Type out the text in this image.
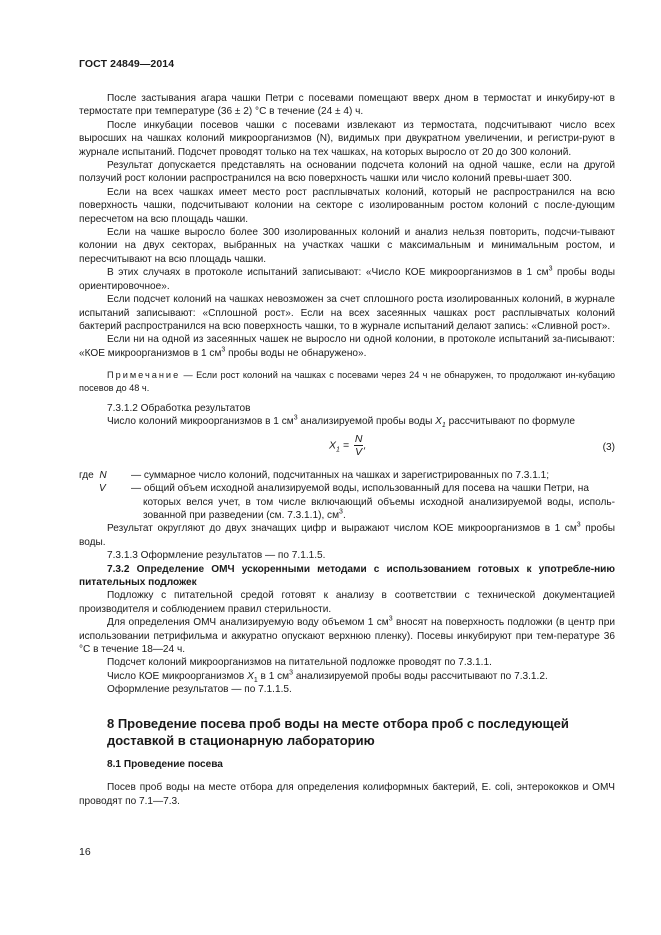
ГОСТ 24849—2014

После застывания агара чашки Петри с посевами помещают вверх дном в термостат и инкубиру-ют в термостате при температуре (36 ± 2) °C в течение (24 ± 4) ч.

После инкубации посевов чашки с посевами извлекают из термостата, подсчитывают число всех выросших на чашках колоний микроорганизмов (N), видимых при двукратном увеличении, и регистри-руют в журнале испытаний. Подсчет проводят только на тех чашках, на которых выросло от 20 до 300 колоний.

Результат допускается представлять на основании подсчета колоний на одной чашке, если на другой ползучий рост колонии распространился на всю поверхность чашки или число колоний превы-шает 300.

Если на всех чашках имеет место рост расплывчатых колоний, который не распространился на всю поверхность чашки, подсчитывают колонии на секторе с изолированным ростом колоний с после-дующим пересчетом на всю площадь чашки.

Если на чашке выросло более 300 изолированных колоний и анализ нельзя повторить, подсчи-тывают колонии на двух секторах, выбранных на участках чашки с максимальным и минимальным ростом, и пересчитывают на всю площадь чашки.

В этих случаях в протоколе испытаний записывают: «Число КОЕ микроорганизмов в 1 $см^3$ пробы воды ориентировочное».

Если подсчет колоний на чашках невозможен за счет сплошного роста изолированных колоний, в журнале испытаний записывают: «Сплошной рост». Если на всех засеянных чашках рост расплывчатых колоний бактерий распространился на всю поверхность чашки, то в журнале испытаний делают запись: «Сливной рост».

Если ни на одной из засеянных чашек не выросло ни одной колонии, в протоколе испытаний за-писывают: «КОЕ микроорганизмов в 1 $см^3$ пробы воды не обнаружено».

Примечание — Если рост колоний на чашках с посевами через 24 ч не обнаружен, то продолжают ин-кубацию посевов до 48 ч.

7.3.1.2 Обработка результатов

Число колоний микроорганизмов в 1 $см^3$ анализируемой пробы воды $X_1$ рассчитывают по формуле

$X_1 = \frac{N}{V}$ ,	(3)
где N	— суммарное число колоний, подсчитанных на чашках и зарегистрированных по 7.3.1.1;
V	— общий объем исходной анализируемой воды, использованный для посева на чашки Петри, на
которых велся учет, в том числе включающий объемы исходной анализируемой воды, исполь-зованной при разведении (см. 7.3.1.1), $см^3$.

Результат округляют до двух значащих цифр и выражают числом КОЕ микроорганизмов в 1 $см^3$ пробы воды.

7.3.1.3 Оформление результатов — по 7.1.1.5.

7.3.2 Определение ОМЧ ускоренными методами с использованием готовых к употребле-нию питательных подложек

Подложку с питательной средой готовят к анализу в соответствии с технической документацией производителя и соблюдением правил стерильности.

Для определения ОМЧ анализируемую воду объемом 1 $см^3$ вносят на поверхность подложки (в центр при использовании петрифильма и аккуратно опускают верхнюю пленку). Посевы инкубируют при тем-пературе 36 °С в течение 18—24 ч.

Подсчет колоний микроорганизмов на питательной подложке проводят по 7.3.1.1.

Число КОЕ микроорганизмов $X_1$ в 1 $см^3$ анализируемой пробы воды рассчитывают по 7.3.1.2.

Оформление результатов — по 7.1.1.5.

8 Проведение посева проб воды на месте отбора проб с последующей доставкой в стационарную лабораторию

8.1 Проведение посева

Посев проб воды на месте отбора для определения колиформных бактерий, E. coli, энтерококков и ОМЧ проводят по 7.1—7.3.

16
